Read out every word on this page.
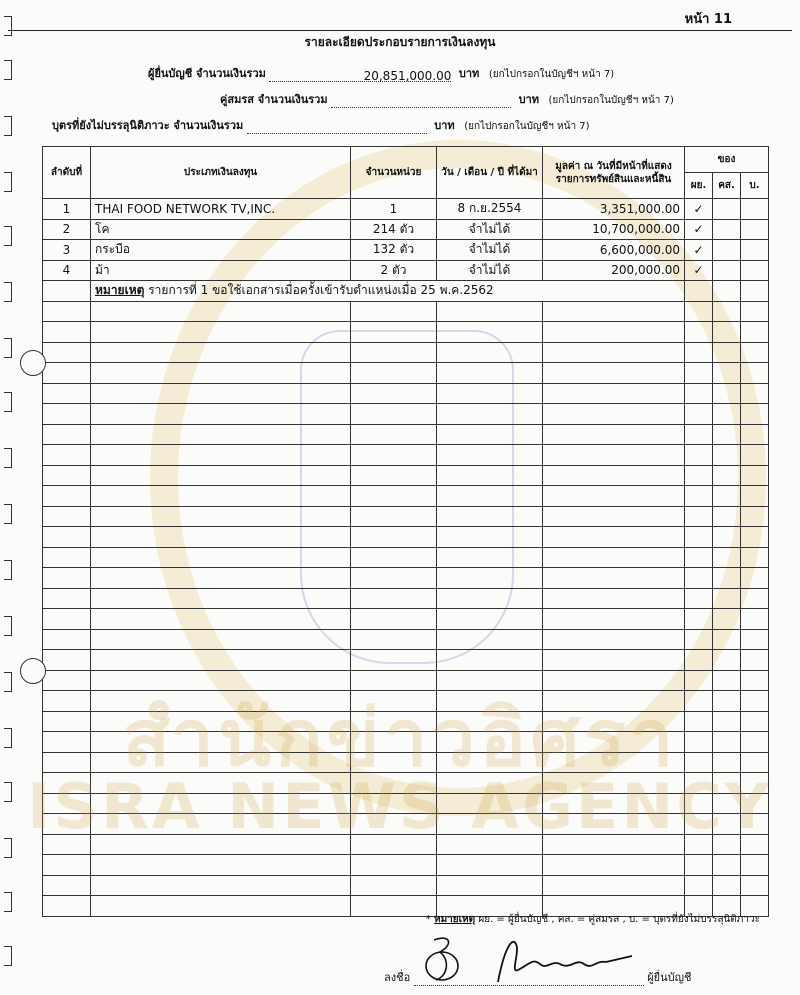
หน้า 11
รายละเอียดประกอบรายการเงินลงทุน
ผู้ยื่นบัญชี จำนวนเงินรวม	20,851,000.00 บาท (ยกไปกรอกในบัญชีฯ หน้า 7)
คู่สมรส จำนวนเงินรวม	บาท (ยกไปกรอกในบัญชีฯ หน้า 7)
บุตรที่ยังไม่บรรลุนิติภาวะ จำนวนเงินรวม	บาท (ยกไปกรอกในบัญชีฯ หน้า 7)
ลำดับที่	ประเภทเงินลงทุน	จำนวนหน่วย	วัน / เดือน / ปี ที่ได้มา	มูลค่า ณ วันที่มีหน้าที่แสดงรายการทรัพย์สินและหนี้สิน	ของ		
					ผย.	คส.	บ.
1	THAI FOOD NETWORK TV,INC.	1	8 ก.ย.2554	3,351,000.00	✓		
2	โค	214 ตัว	จำไม่ได้	10,700,000.00	✓		
3	กระบือ	132 ตัว	จำไม่ได้	6,600,000.00	✓		
4	ม้า	2 ตัว	จำไม่ได้	200,000.00	✓		
	หมายเหตุ รายการที่ 1 ขอใช้เอกสารเมื่อครั้งเข้ารับตำแหน่งเมื่อ 25 พ.ค.2562						

สำนักข่าวอิศรา
ISRA NEWS AGENCY
* หมายเหตุ ผย. = ผู้ยื่นบัญชี , คส. = คู่สมรส , บ. = บุตรที่ยังไม่บรรลุนิติภาวะ
ลงชื่อ	ผู้ยื่นบัญชี
